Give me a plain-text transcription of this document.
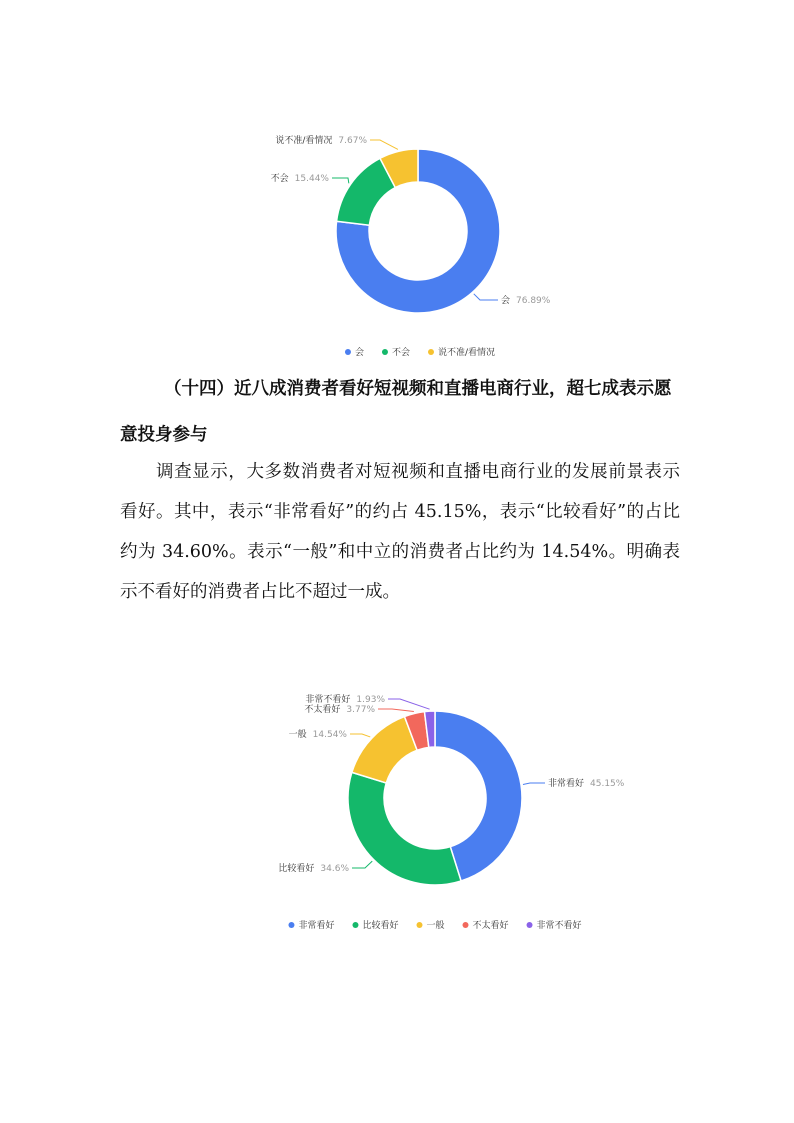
会 76.89%
不会 15.44%
说不准/看情况 7.67%
会	不会	说不准/看情况

（十四）近八成消费者看好短视频和直播电商行业，超七成表示愿意投身参与

调查显示，大多数消费者对短视频和直播电商行业的发展前景表示看好。其中，表示“非常看好”的约占 45.15%，表示“比较看好”的占比约为 34.60%。表示“一般”和中立的消费者占比约为 14.54%。明确表示不看好的消费者占比不超过一成。

非常看好 45.15%
比较看好 34.6%
一般 14.54%
不太看好 3.77%
非常不看好 1.93%
非常看好	比较看好	一般	不太看好	非常不看好
